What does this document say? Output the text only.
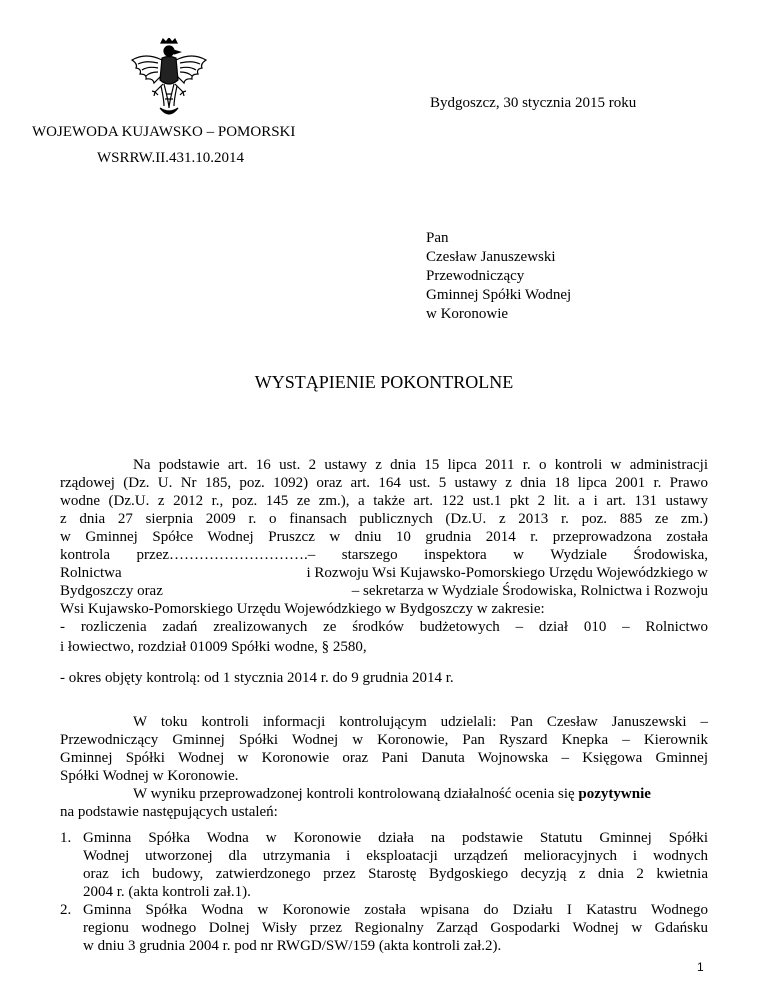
Bydgoszcz, 30 stycznia 2015 roku
WOJEWODA KUJAWSKO – POMORSKI
WSRRW.II.431.10.2014
Pan
Czesław Januszewski
Przewodniczący
Gminnej Spółki Wodnej
w Koronowie
WYSTĄPIENIE POKONTROLNE
Na podstawie art. 16 ust. 2 ustawy z dnia 15 lipca 2011 r. o kontroli w administracji
rządowej (Dz. U. Nr 185, poz. 1092) oraz art. 164 ust. 5 ustawy z dnia 18 lipca 2001 r. Prawo
wodne (Dz.U. z 2012 r., poz. 145 ze zm.), a także art. 122 ust.1 pkt 2 lit. a i art. 131 ustawy
z dnia 27 sierpnia 2009 r. o finansach publicznych (Dz.U. z 2013 r. poz. 885 ze zm.)
w Gminnej Spółce Wodnej Pruszcz w dniu 10 grudnia 2014 r. przeprowadzona została
kontrola przez……………………….– starszego inspektora w Wydziale Środowiska,
Rolnictwa	i Rozwoju Wsi Kujawsko-Pomorskiego Urzędu Wojewódzkiego w
Bydgoszczy oraz	– sekretarza w Wydziale Środowiska, Rolnictwa i Rozwoju
Wsi Kujawsko-Pomorskiego Urzędu Wojewódzkiego w Bydgoszczy w zakresie:
- rozliczenia zadań zrealizowanych ze środków budżetowych – dział 010 – Rolnictwo
i łowiectwo, rozdział 01009 Spółki wodne, § 2580,
- okres objęty kontrolą: od 1 stycznia 2014 r. do 9 grudnia 2014 r.
W toku kontroli informacji kontrolującym udzielali: Pan Czesław Januszewski –
Przewodniczący Gminnej Spółki Wodnej w Koronowie, Pan Ryszard Knepka – Kierownik
Gminnej Spółki Wodnej w Koronowie oraz Pani Danuta Wojnowska – Księgowa Gminnej
Spółki Wodnej w Koronowie.
W wyniku przeprowadzonej kontroli kontrolowaną działalność ocenia się pozytywnie
na podstawie następujących ustaleń:
1. Gminna Spółka Wodna w Koronowie działa na podstawie Statutu Gminnej Spółki
Wodnej utworzonej dla utrzymania i eksploatacji urządzeń melioracyjnych i wodnych
oraz ich budowy, zatwierdzonego przez Starostę Bydgoskiego decyzją z dnia 2 kwietnia
2004 r. (akta kontroli zał.1).
2. Gminna Spółka Wodna w Koronowie została wpisana do Działu I Katastru Wodnego
regionu wodnego Dolnej Wisły przez Regionalny Zarząd Gospodarki Wodnej w Gdańsku
w dniu 3 grudnia 2004 r. pod nr RWGD/SW/159 (akta kontroli zał.2).
1
